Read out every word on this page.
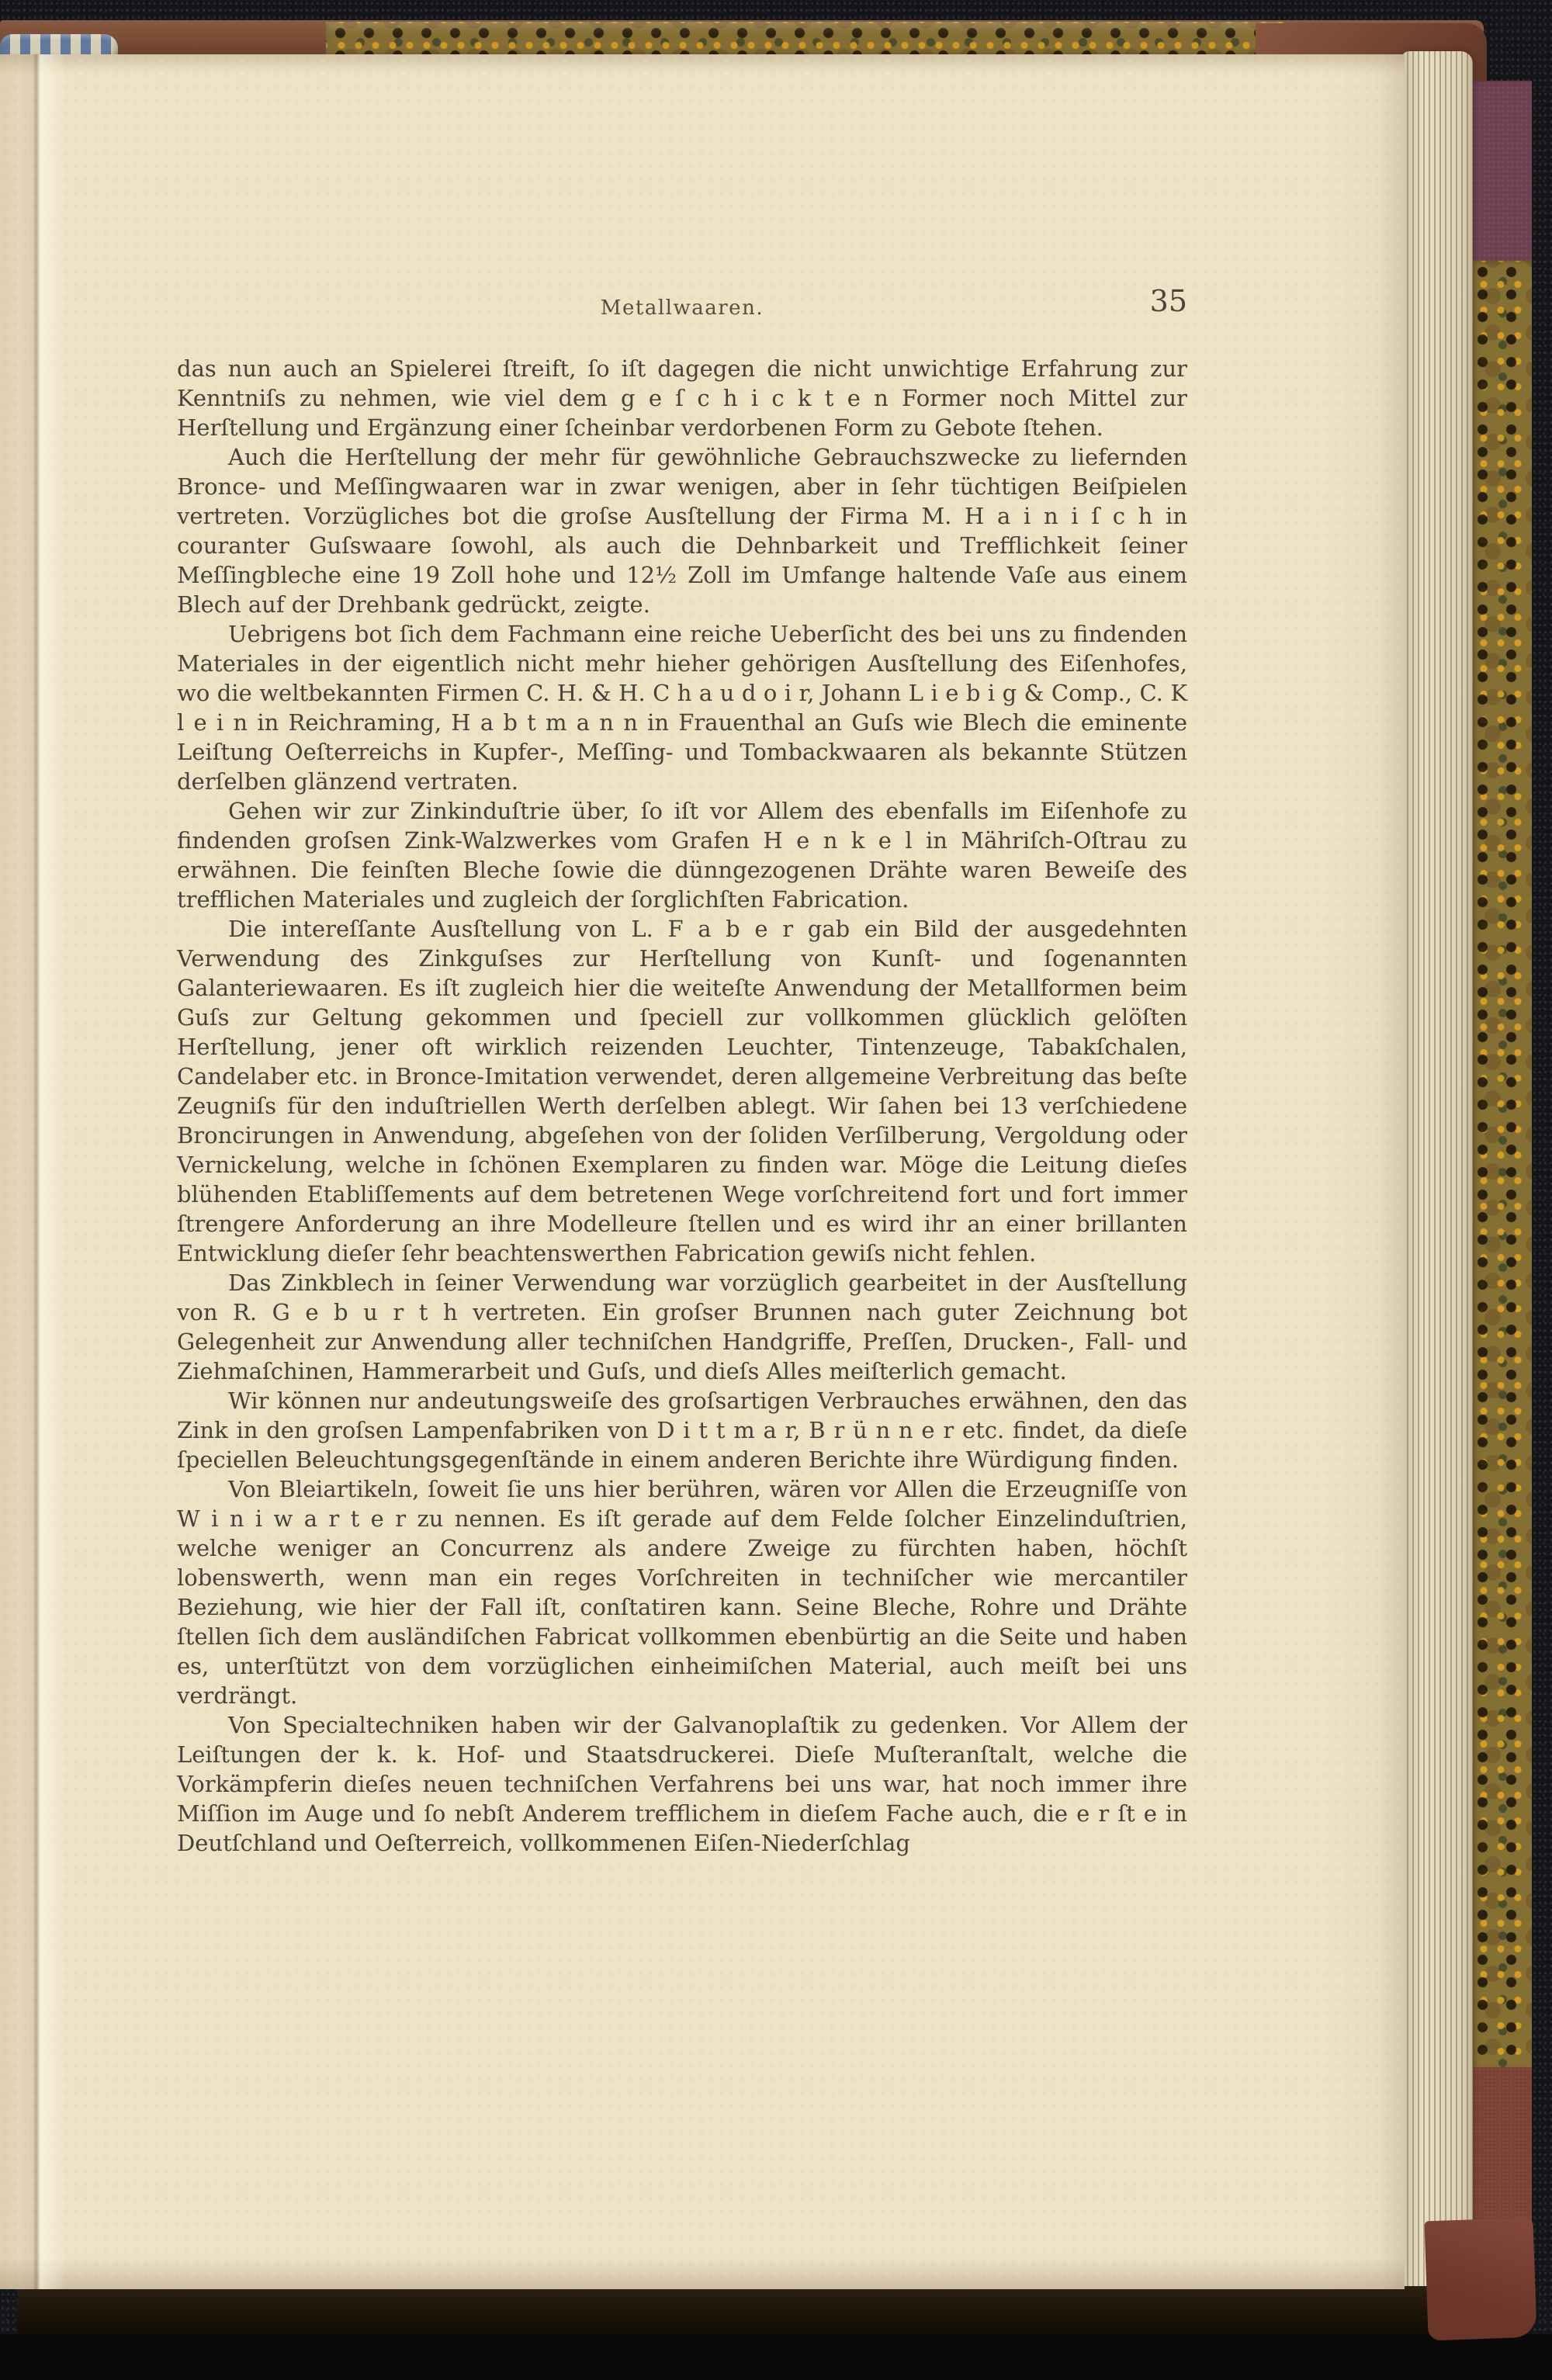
Metallwaaren.	35

das nun auch an Spielerei ſtreift, ſo iſt dagegen die nicht unwichtige Erfahrung zur Kenntniſs zu nehmen, wie viel dem g e ſ c h i c k t e n Former noch Mittel zur Herſtellung und Ergänzung einer ſcheinbar verdorbenen Form zu Gebote ſtehen.

Auch die Herſtellung der mehr für gewöhnliche Gebrauchszwecke zu liefernden Bronce- und Meſſingwaaren war in zwar wenigen, aber in ſehr tüchtigen Beiſpielen vertreten. Vorzügliches bot die groſse Ausſtellung der Firma M. H a i n i ſ c h in couranter Guſswaare ſowohl, als auch die Dehnbarkeit und Trefflichkeit ſeiner Meſſingbleche eine 19 Zoll hohe und 12½ Zoll im Umfange haltende Vaſe aus einem Blech auf der Drehbank gedrückt, zeigte.

Uebrigens bot ſich dem Fachmann eine reiche Ueberſicht des bei uns zu findenden Materiales in der eigentlich nicht mehr hieher gehörigen Ausſtellung des Eiſenhofes, wo die weltbekannten Firmen C. H. & H. C h a u d o i r, Johann L i e b i g & Comp., C. K l e i n in Reichraming, H a b t m a n n in Frauenthal an Guſs wie Blech die eminente Leiſtung Oeſterreichs in Kupfer-, Meſſing- und Tombackwaaren als bekannte Stützen derſelben glänzend vertraten.

Gehen wir zur Zinkinduſtrie über, ſo iſt vor Allem des ebenfalls im Eiſenhofe zu findenden groſsen Zink-Walzwerkes vom Grafen H e n k e l in Mähriſch-Oſtrau zu erwähnen. Die feinſten Bleche ſowie die dünngezogenen Drähte waren Beweiſe des trefflichen Materiales und zugleich der ſorglichſten Fabrication.

Die intereſſante Ausſtellung von L. F a b e r gab ein Bild der ausgedehnten Verwendung des Zinkguſses zur Herſtellung von Kunſt- und ſogenannten Galanteriewaaren. Es iſt zugleich hier die weiteſte Anwendung der Metallformen beim Guſs zur Geltung gekommen und ſpeciell zur vollkommen glücklich gelöſten Herſtellung, jener oft wirklich reizenden Leuchter, Tintenzeuge, Tabakſchalen, Candelaber etc. in Bronce-Imitation verwendet, deren allgemeine Verbreitung das beſte Zeugniſs für den induſtriellen Werth derſelben ablegt. Wir ſahen bei 13 verſchiedene Broncirungen in Anwendung, abgeſehen von der ſoliden Verſilberung, Vergoldung oder Vernickelung, welche in ſchönen Exemplaren zu finden war. Möge die Leitung dieſes blühenden Etabliſſements auf dem betretenen Wege vorſchreitend fort und fort immer ſtrengere Anforderung an ihre Modelleure ſtellen und es wird ihr an einer brillanten Entwicklung dieſer ſehr beachtenswerthen Fabrication gewiſs nicht fehlen.

Das Zinkblech in ſeiner Verwendung war vorzüglich gearbeitet in der Ausſtellung von R. G e b u r t h vertreten. Ein groſser Brunnen nach guter Zeichnung bot Gelegenheit zur Anwendung aller techniſchen Handgriffe, Preſſen, Drucken-, Fall- und Ziehmaſchinen, Hammerarbeit und Guſs, und dieſs Alles meiſterlich gemacht.

Wir können nur andeutungsweiſe des groſsartigen Verbrauches erwähnen, den das Zink in den groſsen Lampenfabriken von D i t t m a r, B r ü n n e r etc. findet, da dieſe ſpeciellen Beleuchtungsgegenſtände in einem anderen Berichte ihre Würdigung finden.

Von Bleiartikeln, ſoweit ſie uns hier berühren, wären vor Allen die Erzeugniſſe von W i n i w a r t e r zu nennen. Es iſt gerade auf dem Felde ſolcher Einzelinduſtrien, welche weniger an Concurrenz als andere Zweige zu fürchten haben, höchſt lobenswerth, wenn man ein reges Vorſchreiten in techniſcher wie mercantiler Beziehung, wie hier der Fall iſt, conſtatiren kann. Seine Bleche, Rohre und Drähte ſtellen ſich dem ausländiſchen Fabricat vollkommen ebenbürtig an die Seite und haben es, unterſtützt von dem vorzüglichen einheimiſchen Material, auch meiſt bei uns verdrängt.

Von Specialtechniken haben wir der Galvanoplaſtik zu gedenken. Vor Allem der Leiſtungen der k. k. Hof- und Staatsdruckerei. Dieſe Muſteranſtalt, welche die Vorkämpferin dieſes neuen techniſchen Verfahrens bei uns war, hat noch immer ihre Miſſion im Auge und ſo nebſt Anderem trefflichem in dieſem Fache auch, die e r ſt e in Deutſchland und Oeſterreich, vollkommenen Eiſen-Niederſchlag
